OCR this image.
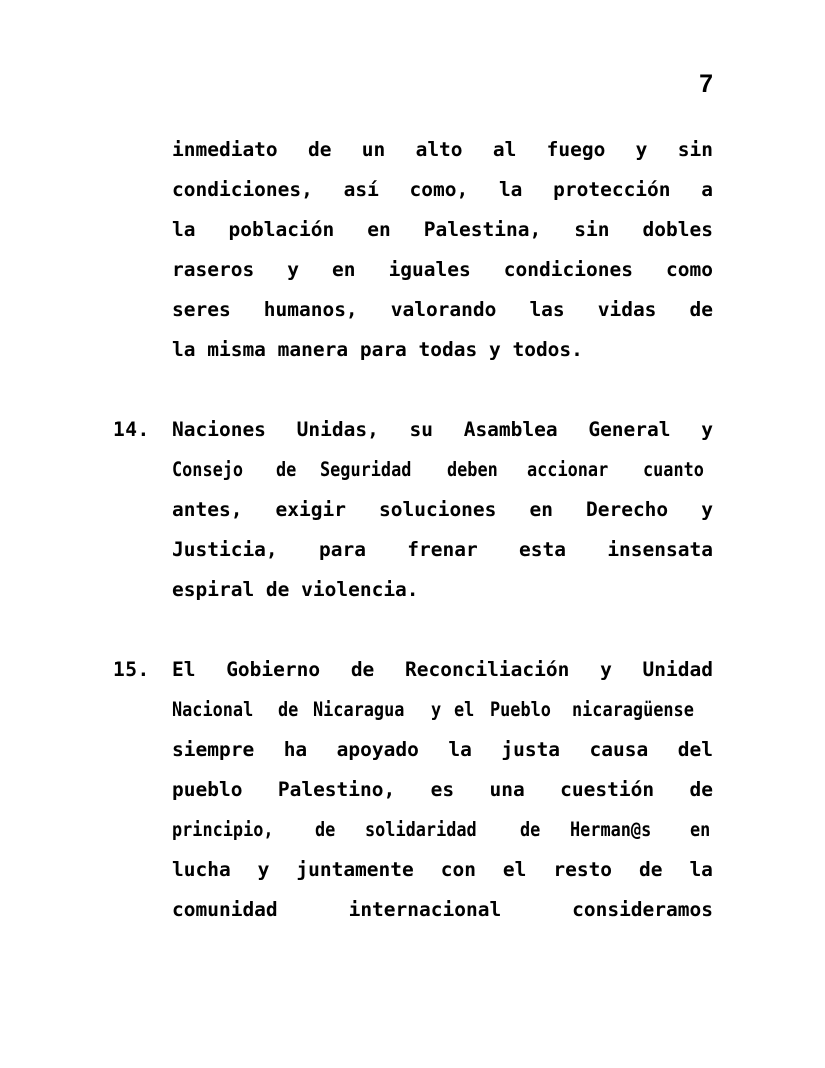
7
inmediato de un alto al fuego y sin
condiciones, así como, la protección a
la población en Palestina, sin dobles
raseros y en iguales condiciones como
seres humanos, valorando las vidas de
la misma manera para todas y todos.
14.	Naciones Unidas, su Asamblea General y
Consejo	de Seguridad	deben	accionar	cuanto
antes, exigir soluciones en Derecho y
Justicia, para frenar esta insensata
espiral de violencia.
15.	El Gobierno de Reconciliación y Unidad
Nacional	de Nicaragua	y el Pueblo	nicaragüense
siempre ha apoyado la justa causa del
pueblo Palestino, es una cuestión de
principio,	de solidaridad	de Herman@s	en
lucha y juntamente con el resto de la
comunidad	internacional	consideramos
